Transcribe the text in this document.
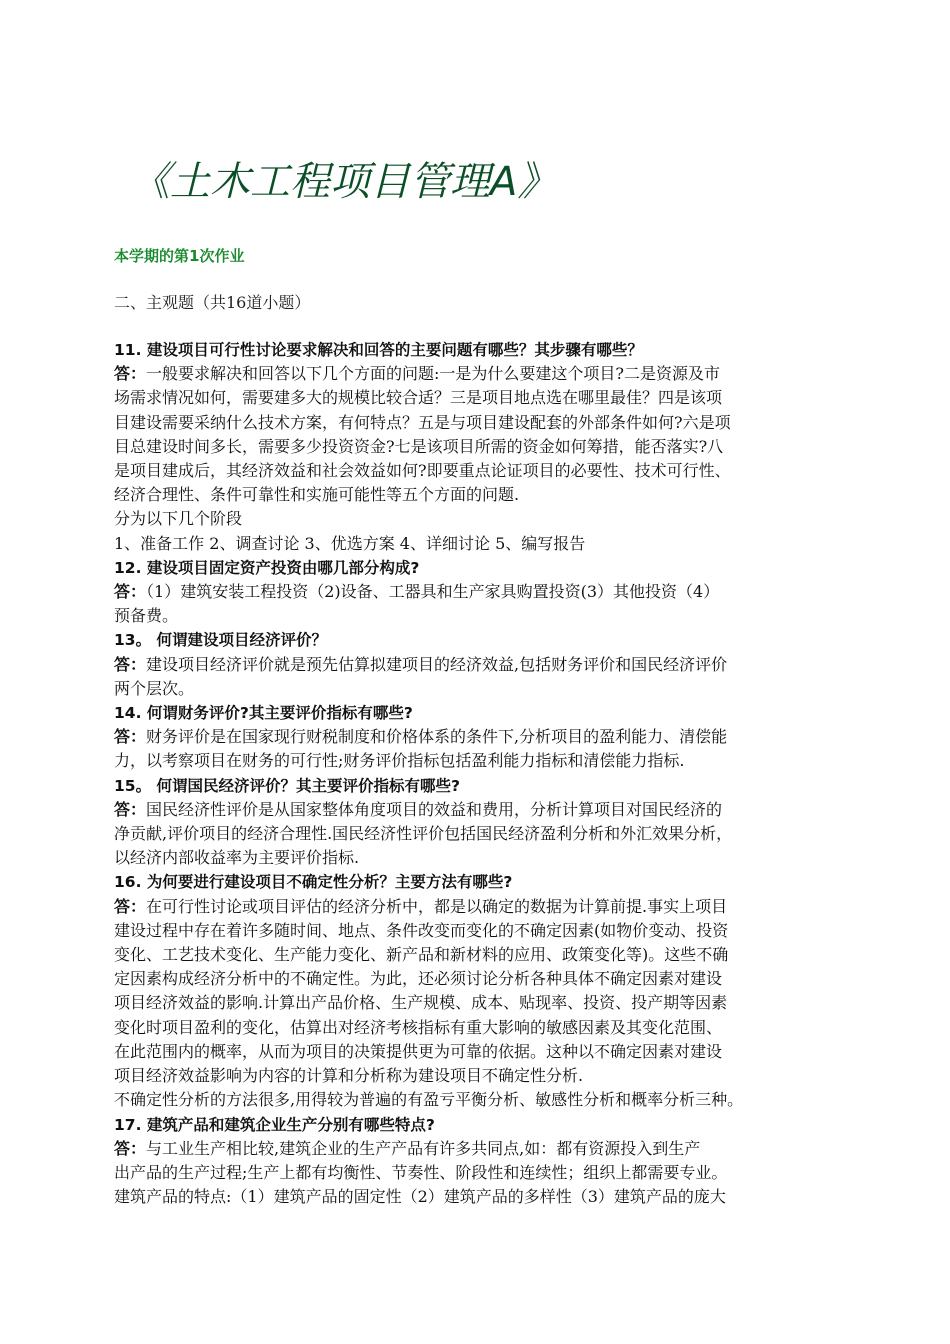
《土木工程项目管理A》
本学期的第1次作业
二、主观题（共16道小题）
11. 建设项目可行性讨论要求解决和回答的主要问题有哪些？其步骤有哪些？
答：一般要求解决和回答以下几个方面的问题:一是为什么要建这个项目?二是资源及市
场需求情况如何，需要建多大的规模比较合适？三是项目地点选在哪里最佳？四是该项
目建设需要采纳什么技术方案，有何特点？五是与项目建设配套的外部条件如何?六是项
目总建设时间多长，需要多少投资资金?七是该项目所需的资金如何筹措，能否落实?八
是项目建成后，其经济效益和社会效益如何?即要重点论证项目的必要性、技术可行性、
经济合理性、条件可靠性和实施可能性等五个方面的问题.
分为以下几个阶段
1、准备工作 2、调查讨论 3、优选方案 4、详细讨论 5、编写报告
12. 建设项目固定资产投资由哪几部分构成?
答：（1）建筑安装工程投资（2)设备、工器具和生产家具购置投资(3）其他投资（4）
预备费。
13。 何谓建设项目经济评价？
答：建设项目经济评价就是预先估算拟建项目的经济效益,包括财务评价和国民经济评价
两个层次。
14. 何谓财务评价?其主要评价指标有哪些?
答：财务评价是在国家现行财税制度和价格体系的条件下,分析项目的盈利能力、清偿能
力，以考察项目在财务的可行性;财务评价指标包括盈利能力指标和清偿能力指标.
15。 何谓国民经济评价？其主要评价指标有哪些?
答：国民经济性评价是从国家整体角度项目的效益和费用，分析计算项目对国民经济的
净贡献,评价项目的经济合理性.国民经济性评价包括国民经济盈利分析和外汇效果分析，
以经济内部收益率为主要评价指标.
16. 为何要进行建设项目不确定性分析？主要方法有哪些?
答：在可行性讨论或项目评估的经济分析中，都是以确定的数据为计算前提.事实上项目
建设过程中存在着许多随时间、地点、条件改变而变化的不确定因素(如物价变动、投资
变化、工艺技术变化、生产能力变化、新产品和新材料的应用、政策变化等)。这些不确
定因素构成经济分析中的不确定性。为此，还必须讨论分析各种具体不确定因素对建设
项目经济效益的影响.计算出产品价格、生产规模、成本、贴现率、投资、投产期等因素
变化时项目盈利的变化，估算出对经济考核指标有重大影响的敏感因素及其变化范围、
在此范围内的概率，从而为项目的决策提供更为可靠的依据。这种以不确定因素对建设
项目经济效益影响为内容的计算和分析称为建设项目不确定性分析.
不确定性分析的方法很多,用得较为普遍的有盈亏平衡分析、敏感性分析和概率分析三种。
17. 建筑产品和建筑企业生产分别有哪些特点?
答：与工业生产相比较,建筑企业的生产产品有许多共同点,如：都有资源投入到生产
出产品的生产过程;生产上都有均衡性、节奏性、阶段性和连续性；组织上都需要专业。
建筑产品的特点:（1）建筑产品的固定性（2）建筑产品的多样性（3）建筑产品的庞大
